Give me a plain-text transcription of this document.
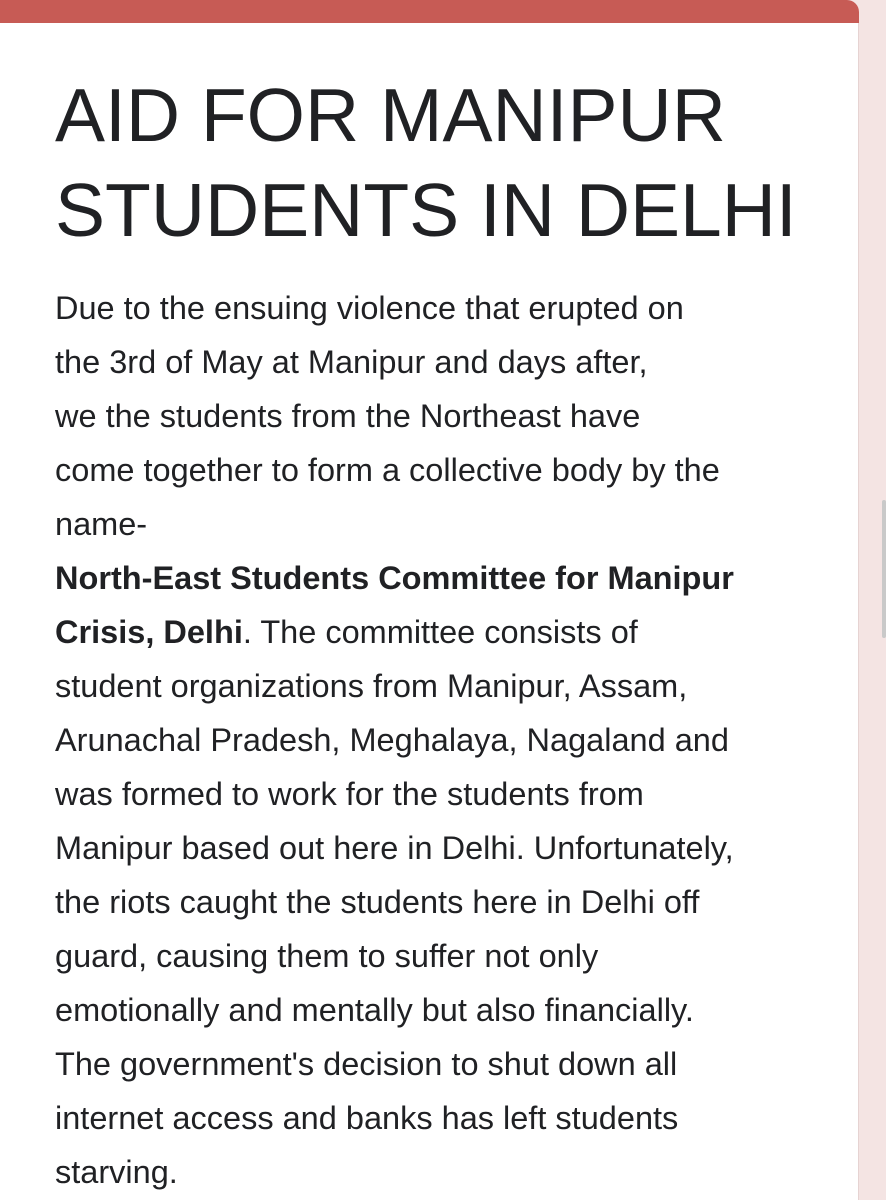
AID FOR MANIPUR
STUDENTS IN DELHI

Due to the ensuing violence that erupted on
the 3rd of May at Manipur and days after,
we the students from the Northeast have
come together to form a collective body by the
name-
North-East Students Committee for Manipur
Crisis, Delhi. The committee consists of
student organizations from Manipur, Assam,
Arunachal Pradesh, Meghalaya, Nagaland and
was formed to work for the students from
Manipur based out here in Delhi. Unfortunately,
the riots caught the students here in Delhi off
guard, causing them to suffer not only
emotionally and mentally but also financially.
The government's decision to shut down all
internet access and banks has left students
starving.
